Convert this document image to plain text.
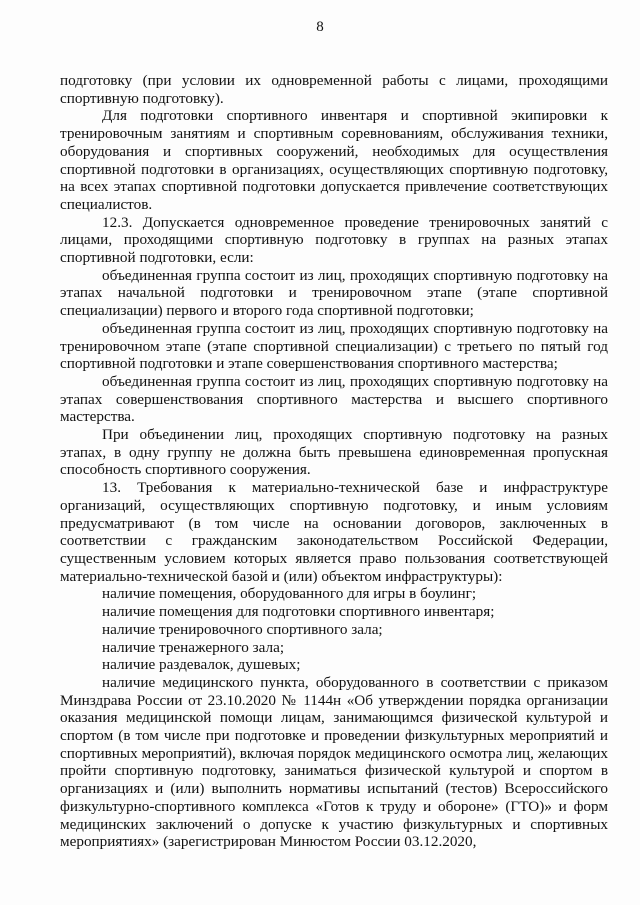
8

подготовку (при условии их одновременной работы с лицами, проходящими спортивную подготовку).

Для подготовки спортивного инвентаря и спортивной экипировки к тренировочным занятиям и спортивным соревнованиям, обслуживания техники, оборудования и спортивных сооружений, необходимых для осуществления спортивной подготовки в организациях, осуществляющих спортивную подготовку, на всех этапах спортивной подготовки допускается привлечение соответствующих специалистов.

12.3. Допускается одновременное проведение тренировочных занятий с лицами, проходящими спортивную подготовку в группах на разных этапах спортивной подготовки, если:

объединенная группа состоит из лиц, проходящих спортивную подготовку на этапах начальной подготовки и тренировочном этапе (этапе спортивной специализации) первого и второго года спортивной подготовки;

объединенная группа состоит из лиц, проходящих спортивную подготовку на тренировочном этапе (этапе спортивной специализации) с третьего по пятый год спортивной подготовки и этапе совершенствования спортивного мастерства;

объединенная группа состоит из лиц, проходящих спортивную подготовку на этапах совершенствования спортивного мастерства и высшего спортивного мастерства.

При объединении лиц, проходящих спортивную подготовку на разных этапах, в одну группу не должна быть превышена единовременная пропускная способность спортивного сооружения.

13. Требования к материально-технической базе и инфраструктуре организаций, осуществляющих спортивную подготовку, и иным условиям предусматривают (в том числе на основании договоров, заключенных в соответствии с гражданским законодательством Российской Федерации, существенным условием которых является право пользования соответствующей материально-технической базой и (или) объектом инфраструктуры):

наличие помещения, оборудованного для игры в боулинг;

наличие помещения для подготовки спортивного инвентаря;

наличие тренировочного спортивного зала;

наличие тренажерного зала;

наличие раздевалок, душевых;

наличие медицинского пункта, оборудованного в соответствии с приказом Минздрава России от 23.10.2020 № 1144н «Об утверждении порядка организации оказания медицинской помощи лицам, занимающимся физической культурой и спортом (в том числе при подготовке и проведении физкультурных мероприятий и спортивных мероприятий), включая порядок медицинского осмотра лиц, желающих пройти спортивную подготовку, заниматься физической культурой и спортом в организациях и (или) выполнить нормативы испытаний (тестов) Всероссийского физкультурно-спортивного комплекса «Готов к труду и обороне» (ГТО)» и форм медицинских заключений о допуске к участию физкультурных и спортивных мероприятиях» (зарегистрирован Минюстом России 03.12.2020,
